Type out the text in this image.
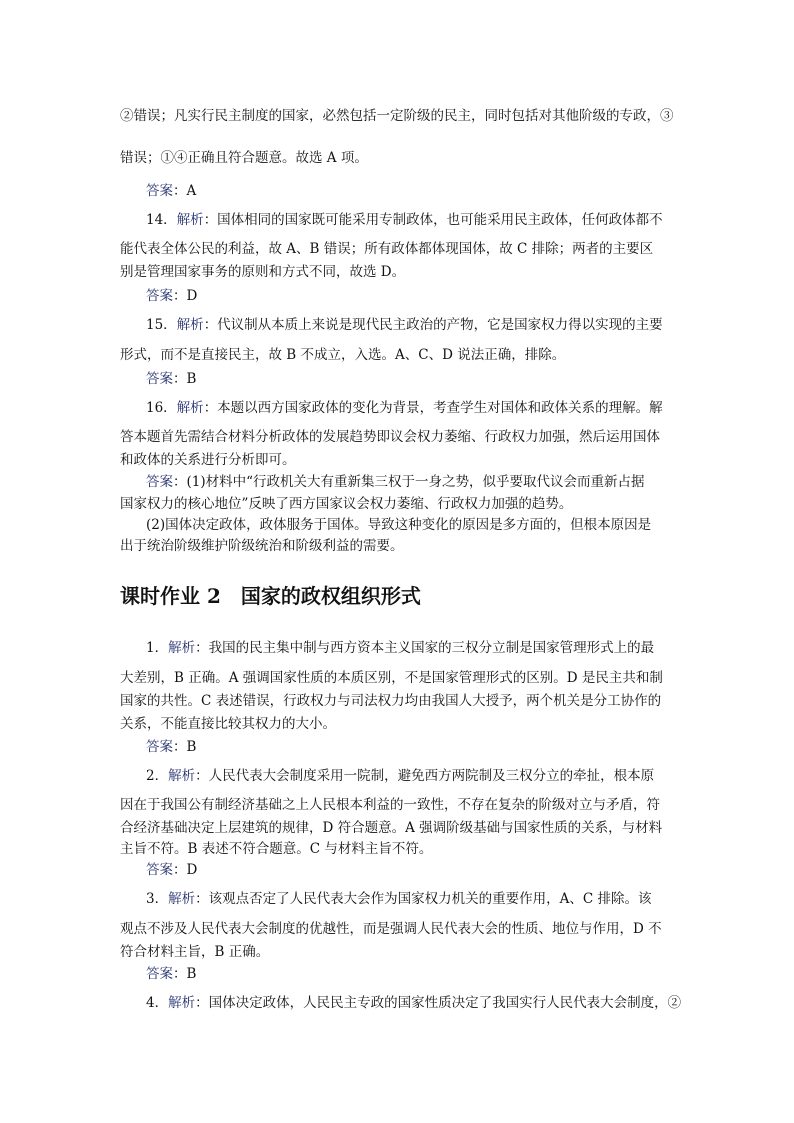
②错误；凡实行民主制度的国家，必然包括一定阶级的民主，同时包括对其他阶级的专政，③
错误；①④正确且符合题意。故选 A 项。
答案：A
14．解析：国体相同的国家既可能采用专制政体，也可能采用民主政体，任何政体都不
能代表全体公民的利益，故 A、B 错误；所有政体都体现国体，故 C 排除；两者的主要区
别是管理国家事务的原则和方式不同，故选 D。
答案：D
15．解析：代议制从本质上来说是现代民主政治的产物，它是国家权力得以实现的主要
形式，而不是直接民主，故 B 不成立，入选。A、C、D 说法正确，排除。
答案：B
16．解析：本题以西方国家政体的变化为背景，考查学生对国体和政体关系的理解。解
答本题首先需结合材料分析政体的发展趋势即议会权力萎缩、行政权力加强，然后运用国体
和政体的关系进行分析即可。
答案：(1)材料中“行政机关大有重新集三权于一身之势，似乎要取代议会而重新占据
国家权力的核心地位”反映了西方国家议会权力萎缩、行政权力加强的趋势。
(2)国体决定政体，政体服务于国体。导致这种变化的原因是多方面的，但根本原因是
出于统治阶级维护阶级统治和阶级利益的需要。
课时作业 2　国家的政权组织形式
1．解析：我国的民主集中制与西方资本主义国家的三权分立制是国家管理形式上的最
大差别，B 正确。A 强调国家性质的本质区别，不是国家管理形式的区别。D 是民主共和制
国家的共性。C 表述错误，行政权力与司法权力均由我国人大授予，两个机关是分工协作的
关系，不能直接比较其权力的大小。
答案：B
2．解析：人民代表大会制度采用一院制，避免西方两院制及三权分立的牵扯，根本原
因在于我国公有制经济基础之上人民根本利益的一致性，不存在复杂的阶级对立与矛盾，符
合经济基础决定上层建筑的规律，D 符合题意。A 强调阶级基础与国家性质的关系，与材料
主旨不符。B 表述不符合题意。C 与材料主旨不符。
答案：D
3．解析：该观点否定了人民代表大会作为国家权力机关的重要作用，A、C 排除。该
观点不涉及人民代表大会制度的优越性，而是强调人民代表大会的性质、地位与作用，D 不
符合材料主旨，B 正确。
答案：B
4．解析：国体决定政体，人民民主专政的国家性质决定了我国实行人民代表大会制度，②
